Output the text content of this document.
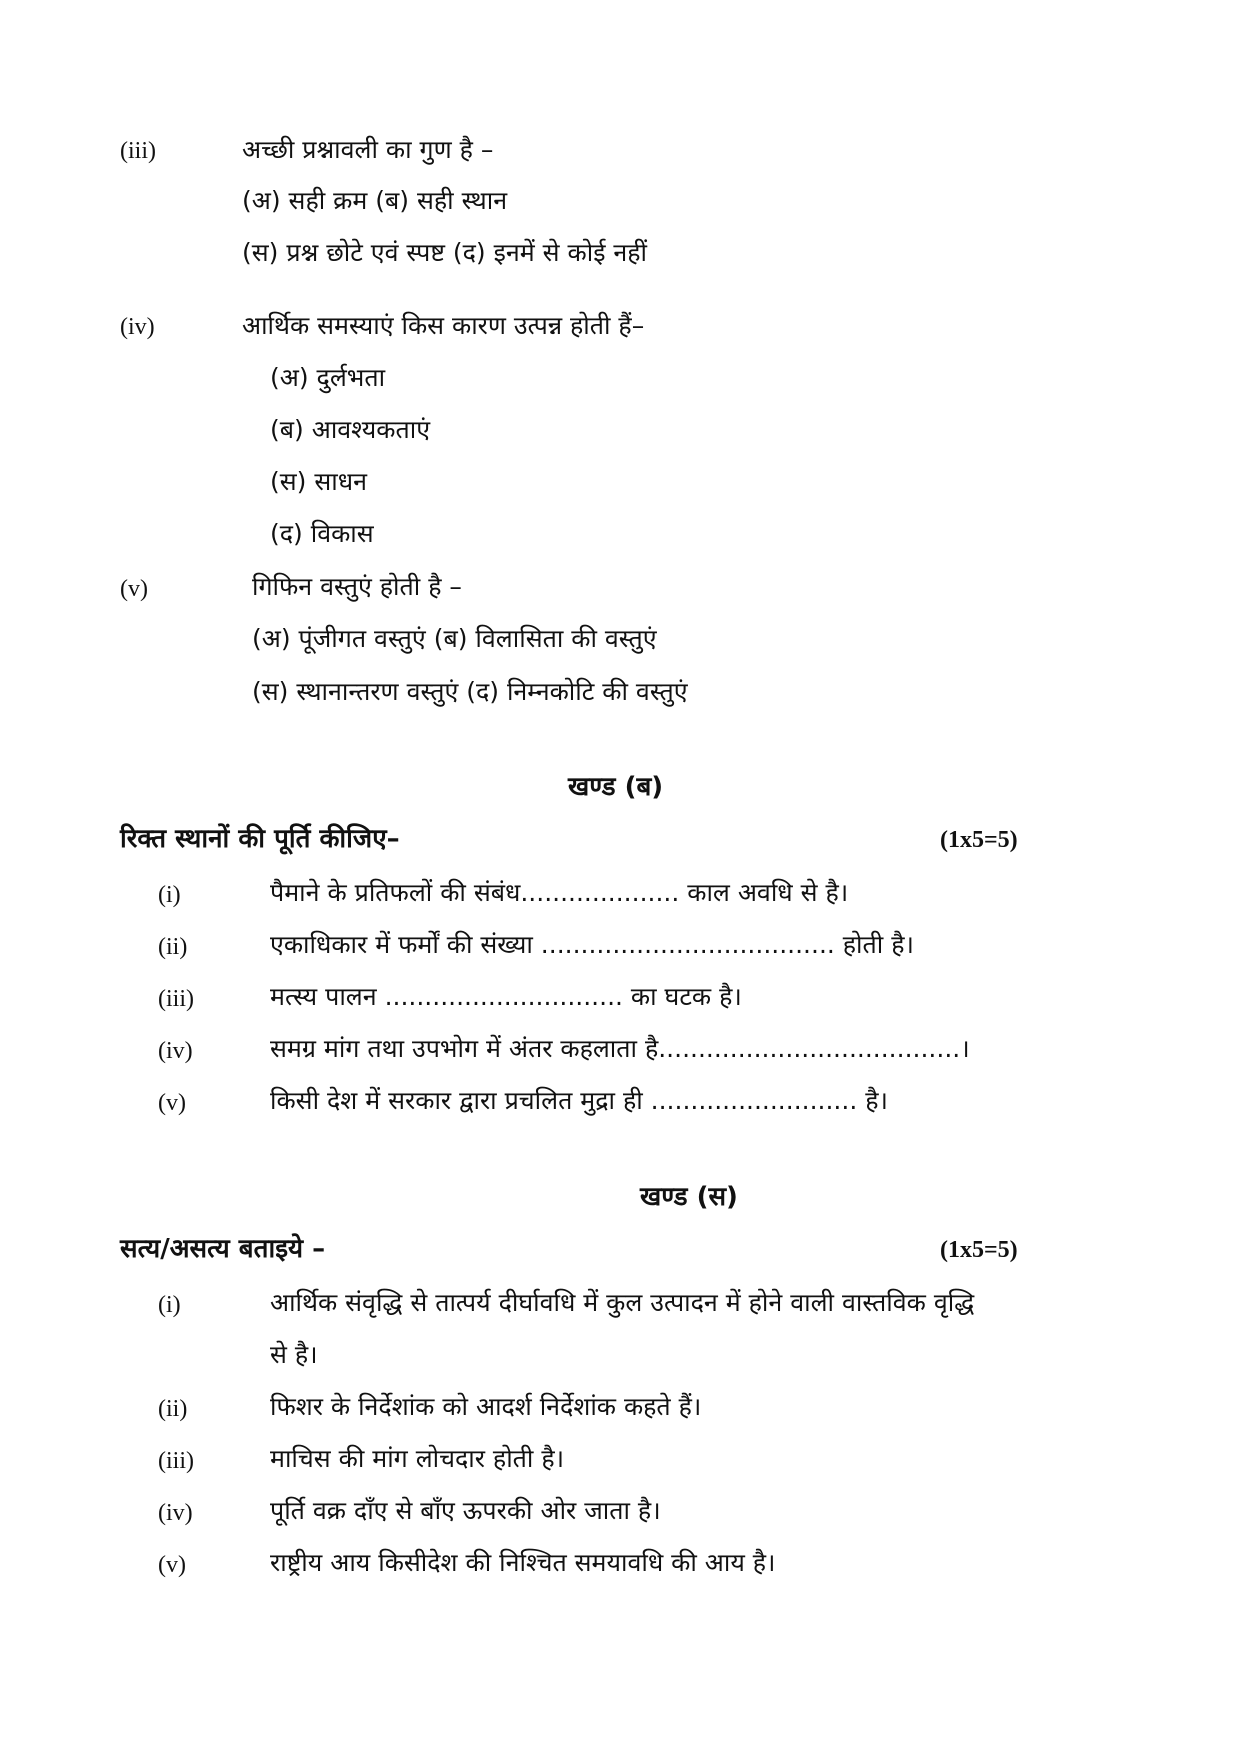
(iii)	अच्छी प्रश्नावली का गुण है –
(अ) सही क्रम (ब) सही स्थान
(स) प्रश्न छोटे एवं स्पष्ट (द) इनमें से कोई नहीं
(iv)	आर्थिक समस्याएं किस कारण उत्पन्न होती हैं–
(अ) दुर्लभता
(ब) आवश्यकताएं
(स) साधन
(द) विकास
(v)	गिफिन वस्तुएं होती है –
(अ) पूंजीगत वस्तुएं (ब) विलासिता की वस्तुएं
(स) स्थानान्तरण वस्तुएं (द) निम्नकोटि की वस्तुएं
खण्ड (ब)
रिक्त स्थानों की पूर्ति कीजिए–	(1x5=5)
(i)	पैमाने के प्रतिफलों की संबंध.................... काल अवधि से है।
(ii)	एकाधिकार में फर्मों की संख्या ..................................... होती है।
(iii)	मत्स्य पालन .............................. का घटक है।
(iv)	समग्र मांग तथा उपभोग में अंतर कहलाता है......................................।
(v)	किसी देश में सरकार द्वारा प्रचलित मुद्रा ही .......................... है।
खण्ड (स)
सत्य/असत्य बताइये –	(1x5=5)
(i)	आर्थिक संवृद्धि से तात्पर्य दीर्घावधि में कुल उत्पादन में होने वाली वास्तविक वृद्धि
से है।
(ii)	फिशर के निर्देशांक को आदर्श निर्देशांक कहते हैं।
(iii)	माचिस की मांग लोचदार होती है।
(iv)	पूर्ति वक्र दाँए से बाँए ऊपरकी ओर जाता है।
(v)	राष्ट्रीय आय किसीदेश की निश्चित समयावधि की आय है।
